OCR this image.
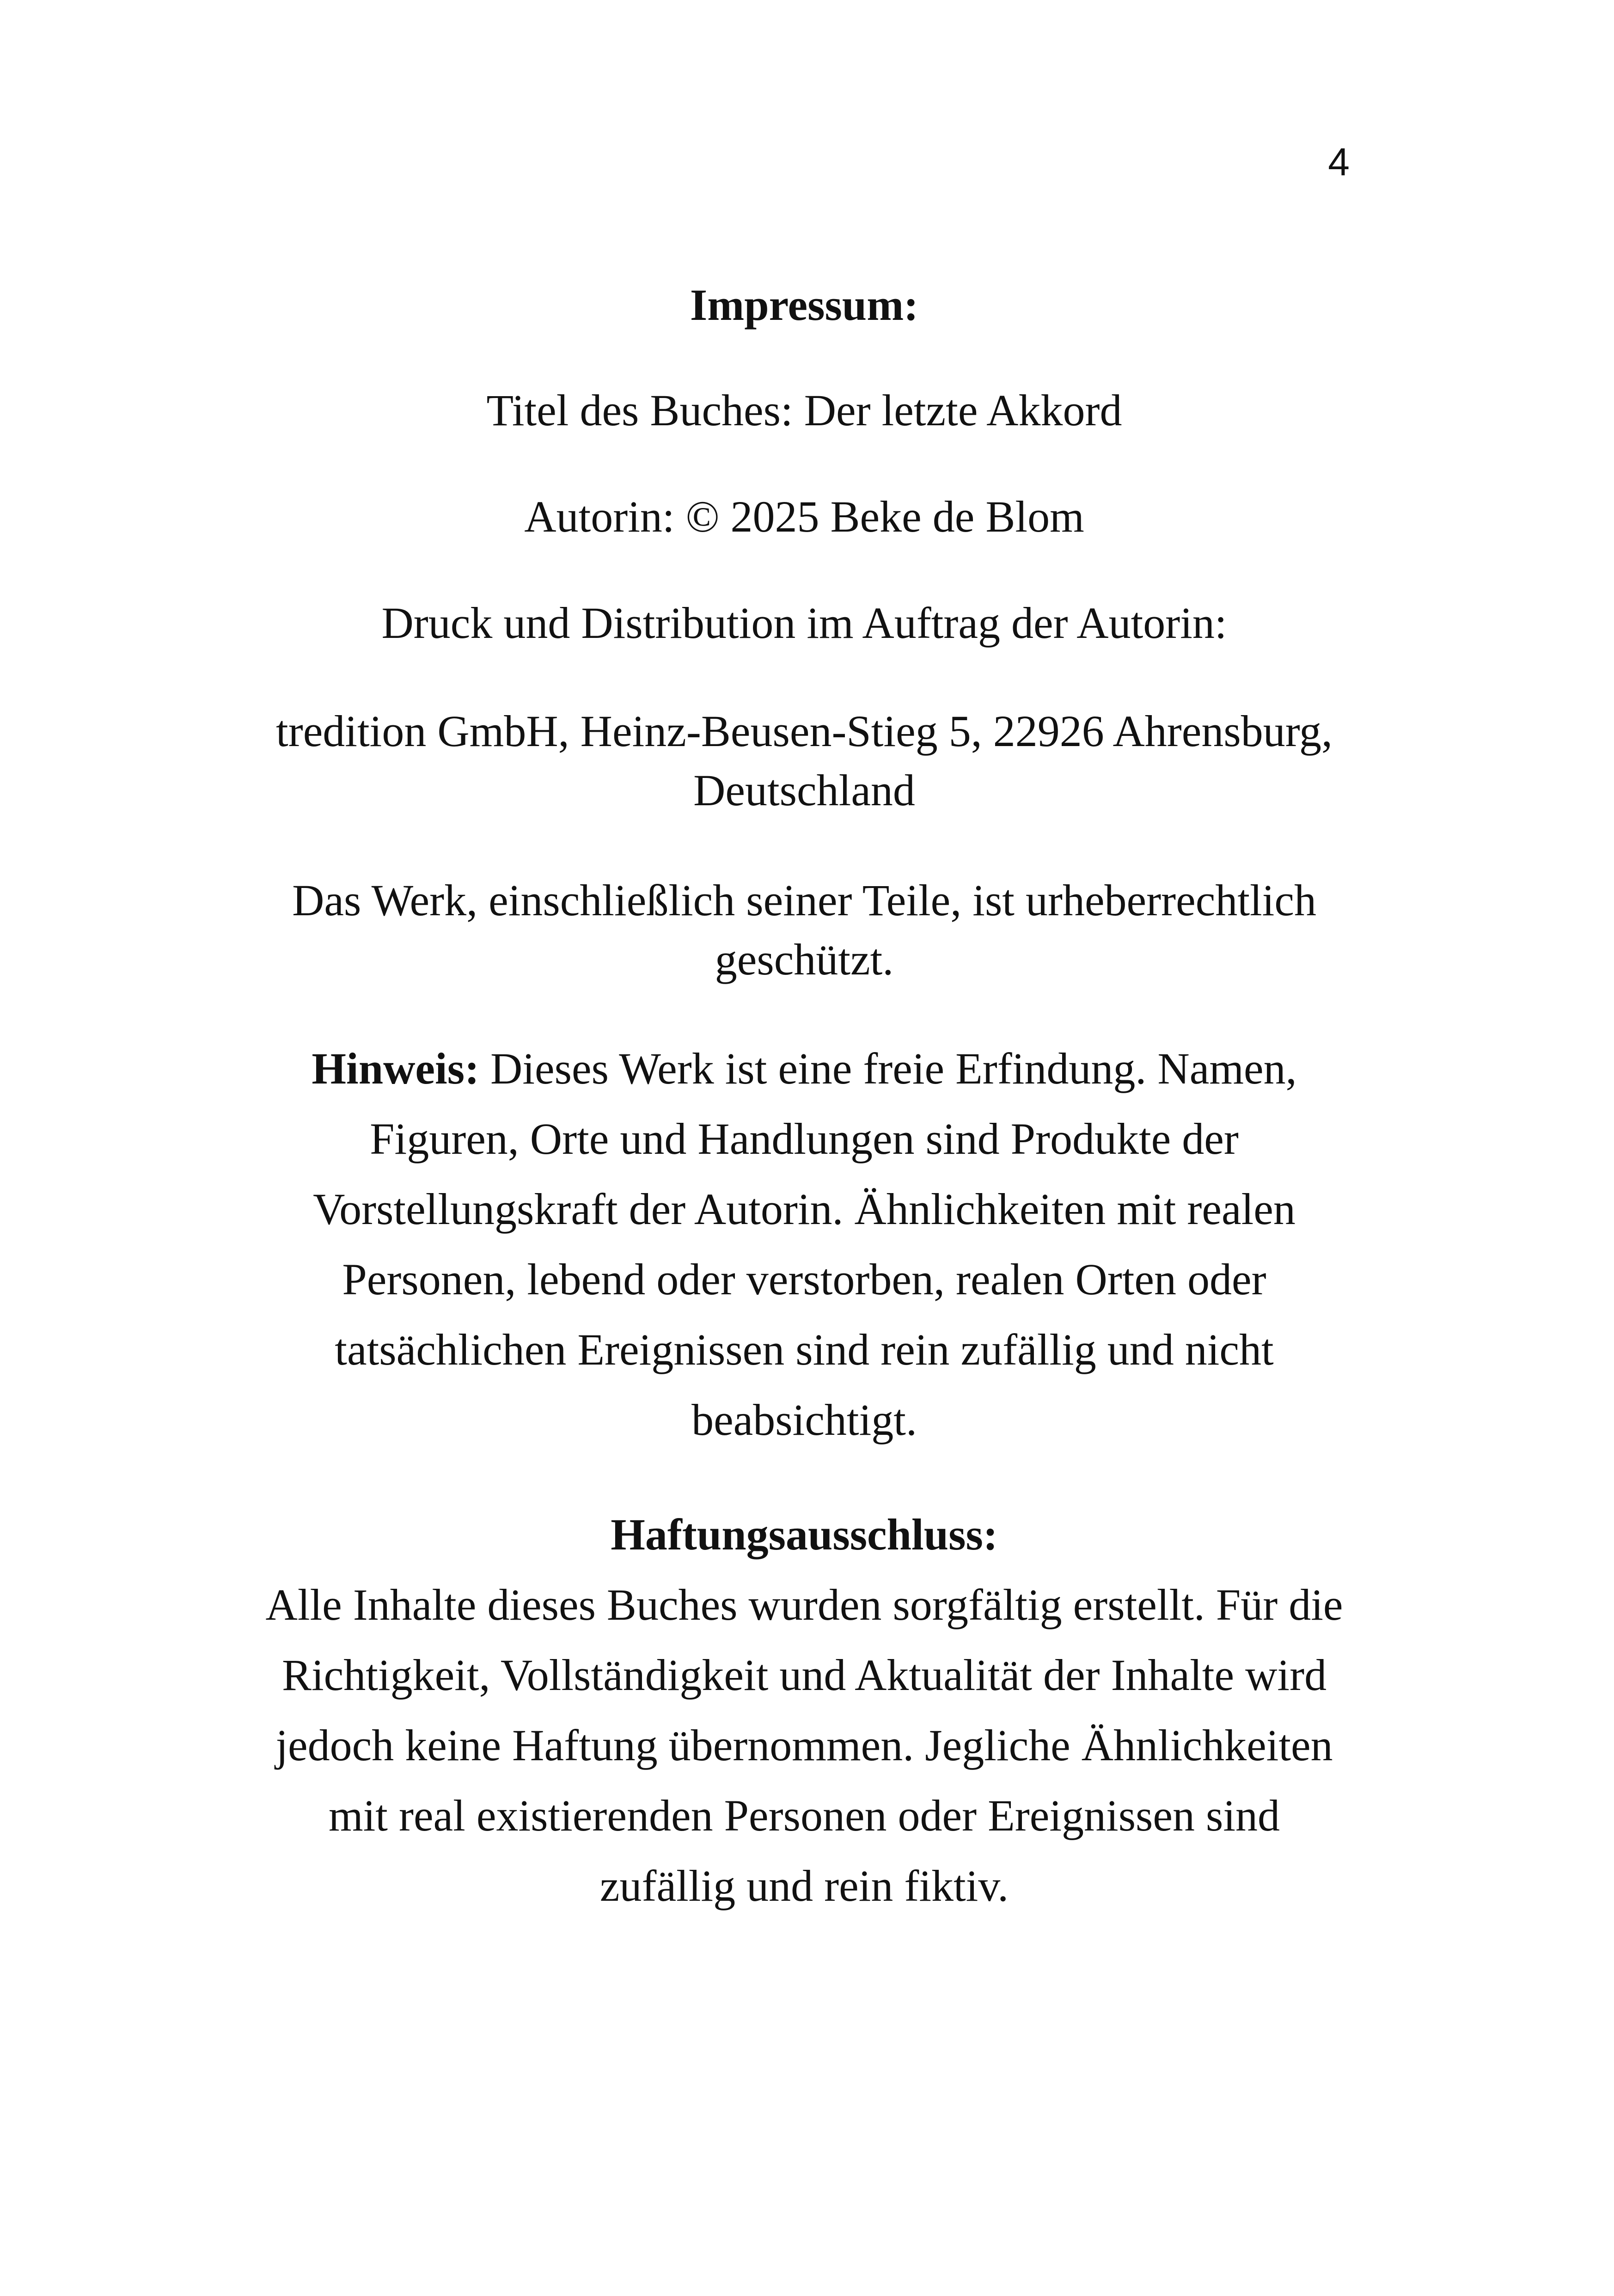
4

Impressum:

Titel des Buches: Der letzte Akkord

Autorin: © 2025 Beke de Blom

Druck und Distribution im Auftrag der Autorin:

tredition GmbH, Heinz-Beusen-Stieg 5, 22926 Ahrensburg,

Deutschland

Das Werk, einschließlich seiner Teile, ist urheberrechtlich

geschützt.

Hinweis: Dieses Werk ist eine freie Erfindung. Namen,

Figuren, Orte und Handlungen sind Produkte der

Vorstellungskraft der Autorin. Ähnlichkeiten mit realen

Personen, lebend oder verstorben, realen Orten oder

tatsächlichen Ereignissen sind rein zufällig und nicht

beabsichtigt.

Haftungsausschluss:

Alle Inhalte dieses Buches wurden sorgfältig erstellt. Für die

Richtigkeit, Vollständigkeit und Aktualität der Inhalte wird

jedoch keine Haftung übernommen. Jegliche Ähnlichkeiten

mit real existierenden Personen oder Ereignissen sind

zufällig und rein fiktiv.
